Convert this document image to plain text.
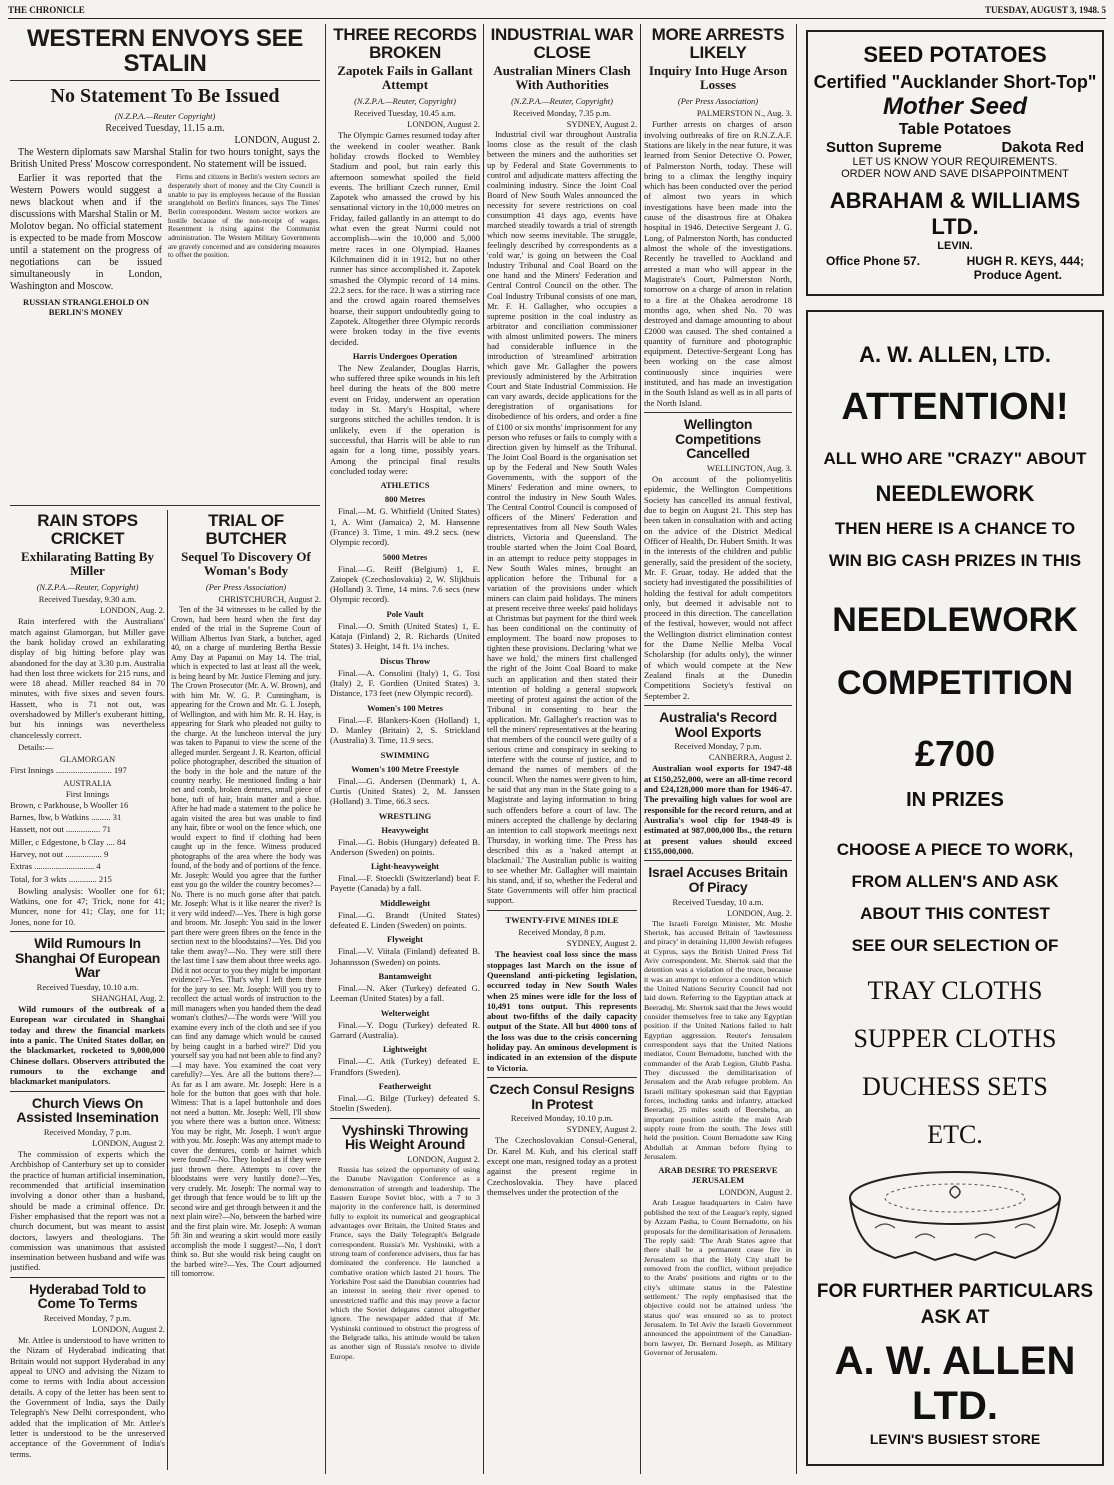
THE CHRONICLE	TUESDAY, AUGUST 3, 1948. 5
WESTERN ENVOYS SEE STALIN
No Statement To Be Issued
(N.Z.P.A.—Reuter Copyright)
Received Tuesday, 11.15 a.m.
LONDON, August 2.

The Western diplomats saw Marshal Stalin for two hours tonight, says the British United Press' Moscow correspondent. No statement will be issued.

Earlier it was reported that the Western Powers would suggest a news blackout when and if the discussions with Marshal Stalin or M. Molotov began. No official statement is expected to be made from Moscow until a statement on the progress of negotiations can be issued simultaneously in London, Washington and Moscow.

RUSSIAN STRANGLEHOLD ON BERLIN'S MONEY

Firms and citizens in Berlin's western sectors are desperately short of money and the City Council is unable to pay its employees because of the Russian stranglehold on Berlin's finances, says The Times' Berlin correspondent. Western sector workers are hostile because of the non-receipt of wages. Resentment is rising against the Communist administration. The Western Military Governments are gravely concerned and are considering measures to offset the position.

RAIN STOPS CRICKET
Exhilarating Batting By Miller
(N.Z.P.A.—Reuter, Copyright)
Received Tuesday, 9.30 a.m.
LONDON, Aug. 2.

Rain interfered with the Australians' match against Glamorgan, but Miller gave the bank holiday crowd an exhilarating display of big hitting before play was abandoned for the day at 3.30 p.m. Australia had then lost three wickets for 215 runs, and were 18 ahead. Miller reached 84 in 70 minutes, with five sixes and seven fours. Hassett, who is 71 not out, was overshadowed by Miller's exuberant hitting, but his innings was nevertheless chancelessly correct.

Details:—

GLAMORGAN
First Innings .......................... 197
AUSTRALIA
First Innings
Brown, c Parkhouse, b Wooller 16
Barnes, lbw, b Watkins ......... 31
Hassett, not out ................ 71
Miller, c Edgestone, b Clay .... 84
Harvey, not out ................. 9
Extras ............................ 4
Total, for 3 wkts ............. 215

Bowling analysis: Wooller one for 61; Watkins, one for 47; Trick, none for 41; Muncer, none for 41; Clay, one for 11; Jones, none for 10.

Wild Rumours In Shanghai Of European War
Received Tuesday, 10.10 a.m.
SHANGHAI, Aug. 2.

Wild rumours of the outbreak of a European war circulated in Shanghai today and threw the financial markets into a panic. The United States dollar, on the blackmarket, rocketed to 9,000,000 Chinese dollars. Observers attributed the rumours to the exchange and blackmarket manipulators.

Church Views On Assisted Insemination
Received Monday, 7 p.m.
LONDON, August 2.

The commission of experts which the Archbishop of Canterbury set up to consider the practice of human artificial insemination, recommended that artificial insemination involving a donor other than a husband, should be made a criminal offence. Dr. Fisher emphasised that the report was not a church document, but was meant to assist doctors, lawyers and theologians. The commission was unanimous that assisted insemination between husband and wife was justified.

Hyderabad Told to Come To Terms
Received Monday, 7 p.m.
LONDON, August 2.

Mr. Attlee is understood to have written to the Nizam of Hyderabad indicating that Britain would not support Hyderabad in any appeal to UNO and advising the Nizam to come to terms with India about accession details. A copy of the letter has been sent to the Government of India, says the Daily Telegraph's New Delhi correspondent, who added that the implication of Mr. Attlee's letter is understood to be the unreserved acceptance of the Government of India's terms.

TRIAL OF BUTCHER
Sequel To Discovery Of Woman's Body
(Per Press Association)
CHRISTCHURCH, August 2.

Ten of the 34 witnesses to be called by the Crown, had been heard when the first day ended of the trial in the Supreme Court of William Albertus Ivan Stark, a butcher, aged 40, on a charge of murdering Bertha Bessie Amy Day at Papanui on May 14. The trial, which is expected to last at least all the week, is being heard by Mr. Justice Fleming and jury. The Crown Prosecutor (Mr. A. W. Brown), and with him Mr. W. G. P. Cunningham, is appearing for the Crown and Mr. G. I. Joseph, of Wellington, and with him Mr. R. H. Hay, is appearing for Stark who pleaded not guilty to the charge. At the luncheon interval the jury was taken to Papanui to view the scene of the alleged murder. Sergeant J. R. Kearton, official police photographer, described the situation of the body in the hole and the nature of the country nearby. He mentioned finding a hair net and comb, broken dentures, small piece of bone, tuft of hair, brain matter and a shoe. After he had made a statement to the police he again visited the area but was unable to find any hair, fibre or wool on the fence which, one would expect to find if clothing had been caught up in the fence. Witness produced photographs of the area where the body was found, of the body and of portions of the fence. Mr. Joseph: Would you agree that the further east you go the wilder the country becomes?—No. There is no much gorse after that patch. Mr. Joseph: What is it like nearer the river? Is it very wild indeed?—Yes. There is high gorse and broom. Mr. Joseph: You said in the lower part there were green fibres on the fence in the section next to the bloodstains?—Yes. Did you take them away?—No. They were still there the last time I saw them about three weeks ago. Did it not occur to you they might be important evidence?—Yes. That's why I left them there for the jury to see. Mr. Joseph: Will you try to recollect the actual words of instruction to the mill managers when you handed them the dead woman's clothes?—The words were 'Will you examine every inch of the cloth and see if you can find any damage which would be caused by being caught in a barbed wire?' Did you yourself say you had not been able to find any?—I may have. You examined the coat very carefully?—Yes. Are all the buttons there?—As far as I am aware. Mr. Joseph: Here is a hole for the button that goes with that hole. Witness: That is a lapel buttonhole and does not need a button. Mr. Joseph: Well, I'll show you where there was a button once. Witness: You may be right, Mr. Joseph. I won't argue with you. Mr. Joseph: Was any attempt made to cover the dentures, comb or hairnet which were found?—No. They looked as if they were just thrown there. Attempts to cover the bloodstains were very hastily done?—Yes, very crudely. Mr. Joseph: The normal way to get through that fence would be to lift up the second wire and get through between it and the next plain wire?—No, between the barbed wire and the first plain wire. Mr. Joseph: A woman 5ft 3in and wearing a skirt would more easily accomplish the mode I suggest?—No, I don't think so. But she would risk being caught on the barbed wire?—Yes. The Court adjourned till tomorrow.

THREE RECORDS BROKEN
Zapotek Fails in Gallant Attempt
(N.Z.P.A.—Reuter, Copyright)
Received Tuesday, 10.45 a.m.
LONDON, August 2.

The Olympic Games resumed today after the weekend in cooler weather. Bank holiday crowds flocked to Wembley Stadium and pool, but rain early this afternoon somewhat spoiled the field events. The brilliant Czech runner, Emil Zapotek who amassed the crowd by his sensational victory in the 10,000 metres on Friday, failed gallantly in an attempt to do what even the great Nurmi could not accomplish—win the 10,000 and 5,000 metre races in one Olympiad. Haanes Kilchmainen did it in 1912, but no other runner has since accomplished it. Zapotek smashed the Olympic record of 14 mins. 22.2 secs. for the race. It was a stirring race and the crowd again roared themselves hoarse, their support undoubtedly going to Zapotek. Altogether three Olympic records were broken today in the five events decided.

Harris Undergoes Operation

The New Zealander, Douglas Harris, who suffered three spike wounds in his left heel during the heats of the 800 metre event on Friday, underwent an operation today in St. Mary's Hospital, where surgeons stitched the achilles tendon. It is unlikely, even if the operation is successful, that Harris will be able to run again for a long time, possibly years. Among the principal final results concluded today were:

ATHLETICS
800 Metres

Final.—M. G. Whitfield (United States) 1, A. Wint (Jamaica) 2, M. Hansenne (France) 3. Time, 1 min. 49.2 secs. (new Olympic record).

5000 Metres

Final.—G. Reiff (Belgium) 1, E. Zatopek (Czechoslovakia) 2, W. Slijkhuis (Holland) 3. Time, 14 mins. 7.6 secs (new Olympic record).

Pole Vault

Final.—O. Smith (United States) 1, E. Kataja (Finland) 2, R. Richards (United States) 3. Height, 14 ft. 1¼ inches.

Discus Throw

Final.—A. Consolini (Italy) 1, G. Tosi (Italy) 2, F. Gordien (United States) 3. Distance, 173 feet (new Olympic record).

Women's 100 Metres

Final.—F. Blankers-Koen (Holland) 1, D. Manley (Britain) 2, S. Strickland (Australia) 3. Time, 11.9 secs.

SWIMMING
Women's 100 Metre Freestyle

Final.—G. Andersen (Denmark) 1, A. Curtis (United States) 2, M. Janssen (Holland) 3. Time, 66.3 secs.

WRESTLING
Heavyweight

Final.—G. Bobis (Hungary) defeated B. Anderson (Sweden) on points.

Light-heavyweight

Final.—F. Stoeckli (Switzerland) beat F. Payette (Canada) by a fall.

Middleweight

Final.—G. Brandt (United States) defeated E. Linden (Sweden) on points.

Flyweight

Final.—V. Viitala (Finland) defeated B. Johannsson (Sweden) on points.

Bantamweight

Final.—N. Aker (Turkey) defeated G. Leeman (United States) by a fall.

Welterweight

Final.—Y. Dogu (Turkey) defeated R. Garrard (Australia).

Lightweight

Final.—C. Atik (Turkey) defeated E. Frandfors (Sweden).

Featherweight

Final.—G. Bilge (Turkey) defeated S. Stoelin (Sweden).

Vyshinski Throwing His Weight Around
LONDON, August 2.

Russia has seized the opportunity of using the Danube Navigation Conference as a demonstration of strength and leadership. The Eastern Europe Soviet bloc, with a 7 to 3 majority in the conference hall, is determined fully to exploit its numerical and geographical advantages over Britain, the United States and France, says the Daily Telegraph's Belgrade correspondent. Russia's Mr. Vyshinski, with a strong team of conference advisers, thus far has dominated the conference. He launched a combative oration which lasted 21 hours. The Yorkshire Post said the Danubian countries had an interest in seeing their river opened to unrestricted traffic and this may prove a factor which the Soviet delegates cannot altogether ignore. The newspaper added that if Mr. Vyshinski continued to obstruct the progress of the Belgrade talks, his attitude would be taken as another sign of Russia's resolve to divide Europe.

INDUSTRIAL WAR CLOSE
Australian Miners Clash With Authorities
(N.Z.P.A.—Reuter, Copyright)
Received Monday, 7.35 p.m.
SYDNEY, August 2.

Industrial civil war throughout Australia looms close as the result of the clash between the miners and the authorities set up by Federal and State Governments to control and adjudicate matters affecting the coalmining industry. Since the Joint Coal Board of New South Wales announced the necessity for severe restrictions on coal consumption 41 days ago, events have marched steadily towards a trial of strength which now seems inevitable. The struggle, feelingly described by correspondents as a 'cold war,' is going on between the Coal Industry Tribunal and Coal Board on the one hand and the Miners' Federation and Central Control Council on the other. The Coal Industry Tribunal consists of one man, Mr. F. H. Gallagher, who occupies a supreme position in the coal industry as arbitrator and conciliation commissioner with almost unlimited powers. The miners had considerable influence in the introduction of 'streamlined' arbitration which gave Mr. Gallagher the powers previously administered by the Arbitration Court and State Industrial Commission. He can vary awards, decide applications for the deregistration of organisations for disobedience of his orders, and order a fine of £100 or six months' imprisonment for any person who refuses or fails to comply with a direction given by himself as the Tribunal. The Joint Coal Board is the organisation set up by the Federal and New South Wales Governments, with the support of the Miners' Federation and mine owners, to control the industry in New South Wales. The Central Control Council is composed of officers of the Miners' Federation and representatives from all New South Wales districts, Victoria and Queensland. The trouble started when the Joint Coal Board, in an attempt to reduce petty stoppages in New South Wales mines, brought an application before the Tribunal for a variation of the provisions under which miners can claim paid holidays. The miners at present receive three weeks' paid holidays at Christmas but payment for the third week has been conditional on the continuity of employment. The board now proposes to tighten these provisions. Declaring 'what we have we hold,' the miners first challenged the right of the Joint Coal Board to make such an application and then stated their intention of holding a general stopwork meeting of protest against the action of the Tribunal in consenting to hear the application. Mr. Gallagher's reaction was to tell the miners' representatives at the hearing that members of the council were guilty of a serious crime and conspiracy in seeking to interfere with the course of justice, and to demand the names of members of the council. When the names were given to him, he said that any man in the State going to a Magistrate and laying information to bring such offenders before a court of law. The miners accepted the challenge by declaring an intention to call stopwork meetings next Thursday, in working time. The Press has described this as a 'naked attempt at blackmail.' The Australian public is waiting to see whether Mr. Gallagher will maintain his stand, and, if so, whether the Federal and State Governments will offer him practical support.

TWENTY-FIVE MINES IDLE
Received Monday, 8 p.m.
SYDNEY, August 2.

The heaviest coal loss since the mass stoppages last March on the issue of Queensland anti-picketing legislation, occurred today in New South Wales when 25 mines were idle for the loss of 10,491 tons output. This represents about two-fifths of the daily capacity output of the State. All but 4000 tons of the loss was due to the crisis concerning holiday pay. An ominous development is indicated in an extension of the dispute to Victoria.

Czech Consul Resigns In Protest
Received Monday, 10.10 p.m.
SYDNEY, August 2.

The Czechoslovakian Consul-General, Dr. Karel M. Kuh, and his clerical staff except one man, resigned today as a protest against the present regime in Czechoslovakia. They have placed themselves under the protection of the

MORE ARRESTS LIKELY
Inquiry Into Huge Arson Losses
(Per Press Association)
PALMERSTON N., Aug. 3.

Further arrests on charges of arson involving outbreaks of fire on R.N.Z.A.F. Stations are likely in the near future, it was learned from Senior Detective O. Power, of Palmerston North, today. These will bring to a climax the lengthy inquiry which has been conducted over the period of almost two years in which investigations have been made into the cause of the disastrous fire at Ohakea hospital in 1946. Detective Sergeant J. G. Long, of Palmerston North, has conducted almost the whole of the investigations. Recently he travelled to Auckland and arrested a man who will appear in the Magistrate's Court, Palmerston North, tomorrow on a charge of arson in relation to a fire at the Ohakea aerodrome 18 months ago, when shed No. 70 was destroyed and damage amounting to about £2000 was caused. The shed contained a quantity of furniture and photographic equipment. Detective-Sergeant Long has been working on the case almost continuously since inquiries were instituted, and has made an investigation in the South Island as well as in all parts of the North Island.

Wellington Competitions Cancelled
WELLINGTON, Aug. 3.

On account of the poliomyelitis epidemic, the Wellington Competitions Society has cancelled its annual festival, due to begin on August 21. This step has been taken in consultation with and acting on the advice of the District Medical Officer of Health, Dr. Hubert Smith. It was in the interests of the children and public generally, said the president of the society, Mr. F. Gruar, today. He added that the society had investigated the possibilities of holding the festival for adult competitors only, but deemed it advisable not to proceed in this direction. The cancellation of the festival, however, would not affect the Wellington district elimination contest for the Dame Nellie Melba Vocal Scholarship (for adults only), the winner of which would compete at the New Zealand finals at the Dunedin Competitions Society's festival on September 2.

Australia's Record Wool Exports
Received Monday, 7 p.m.
CANBERRA, August 2.

Australian wool exports for 1947-48 at £150,252,000, were an all-time record and £24,128,000 more than for 1946-47. The prevailing high values for wool are responsible for the record return, and at Australia's wool clip for 1948-49 is estimated at 987,000,000 lbs., the return at present values should exceed £155,000,000.

Israel Accuses Britain Of Piracy
Received Tuesday, 10 a.m.
LONDON, Aug. 2.

The Israeli Foreign Minister, Mr. Moshe Shertok, has accused Britain of 'lawlessness and piracy' in detaining 11,000 Jewish refugees at Cyprus, says the British United Press Tel Aviv correspondent. Mr. Shertok said that the detention was a violation of the truce, because it was an attempt to enforce a condition which the United Nations Security Council had not laid down. Referring to the Egyptian attack at Beeraduj, Mr. Shertok said that the Jews would consider themselves free to take any Egyptian position if the United Nations failed to halt Egyptian aggression. Reuter's Jerusalem correspondent says that the United Nations mediator, Count Bernadotte, lunched with the commander of the Arab Legion, Glubb Pasha. They discussed the demilitarisation of Jerusalem and the Arab refugee problem. An Israeli military spokesman said that Egyptian forces, including tanks and infantry, attacked Beeraduj, 25 miles south of Beersheba, an important position astride the main Arab supply route from the south. The Jews still held the position. Count Bernadotte saw King Abdullah at Amman before flying to Jerusalem.

ARAB DESIRE TO PRESERVE JERUSALEM
LONDON, August 2.

Arab League headquarters in Cairo have published the text of the League's reply, signed by Azzam Pasha, to Count Bernadotte, on his proposals for the demilitarisation of Jerusalem. The reply said: 'The Arab States agree that there shall be a permanent cease fire in Jerusalem so that the Holy City shall be removed from the conflict, without prejudice to the Arabs' positions and rights or to the city's ultimate status in the Palestine settlement.' The reply emphasised that the objective could not be attained unless 'the status quo' was ensured so as to protect Jerusalem. In Tel Aviv the Israeli Government announced the appointment of the Canadian-born lawyer, Dr. Bernard Joseph, as Military Governor of Jerusalem.

SEED POTATOES
Certified "Aucklander Short-Top"
Mother Seed
Table Potatoes
Sutton Supreme	Dakota Red
LET US KNOW YOUR REQUIREMENTS.
ORDER NOW AND SAVE DISAPPOINTMENT
ABRAHAM & WILLIAMS LTD.
LEVIN.
Office Phone 57.	HUGH R. KEYS, 444;
Produce Agent.
A. W. ALLEN, LTD.
ATTENTION!
ALL WHO ARE "CRAZY" ABOUT
NEEDLEWORK
THEN HERE IS A CHANCE TO
WIN BIG CASH PRIZES IN THIS
NEEDLEWORK
COMPETITION
£700
IN PRIZES
CHOOSE A PIECE TO WORK,
FROM ALLEN'S AND ASK
ABOUT THIS CONTEST
SEE OUR SELECTION OF
TRAY CLOTHS
SUPPER CLOTHS
DUCHESS SETS
ETC.
FOR FURTHER PARTICULARS
ASK AT
A. W. ALLEN LTD.
LEVIN'S BUSIEST STORE
